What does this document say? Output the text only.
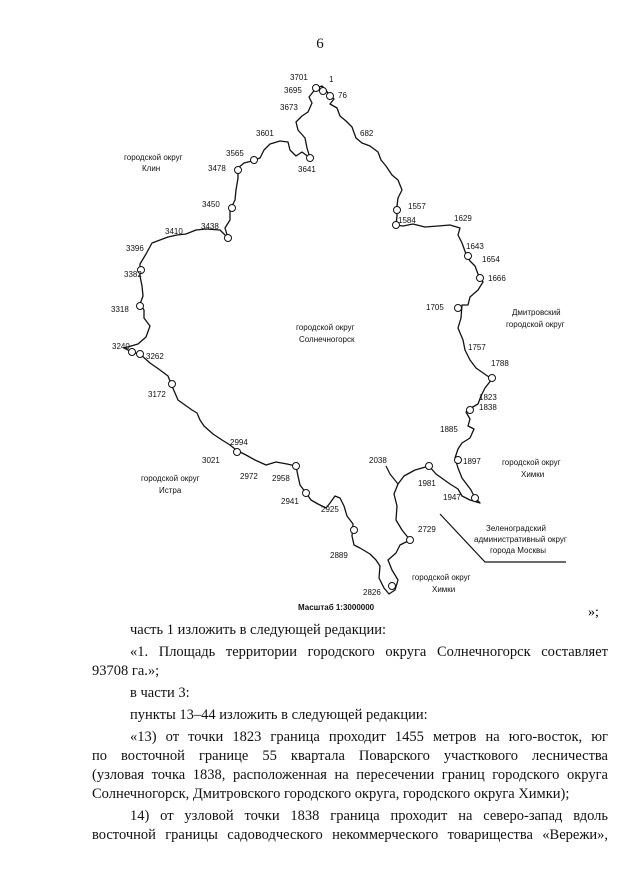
6
3701	1
3695
76
3673
682
3601
3565
3478	3641
1557
3450
1584	1629
3438
3410
1643
1654
3396
1666
3382
3318	1705
3240
3262
1757
1788
3172	1823
1838
1885
2994
1897
3021	2038
2972 2958
1981
1947
2941
2925
2729
2889
2826
городской округ
Клин
городской округ
Солнечногорск
Дмитровский
городской округ
городской округ
Химки
городской округ
Истра
Зеленоградский
административный округ
города Москвы
городской округ
Химки
Масштаб 1:3000000	»;
часть 1 изложить в следующей редакции:
«1. Площадь территории городского округа Солнечногорск составляет
93708 га.»;
в части 3:
пункты 13–44 изложить в следующей редакции:
«13) от точки 1823 граница проходит 1455 метров на юго-восток, юг
по восточной границе 55 квартала Поварского участкового лесничества
(узловая точка 1838, расположенная на пересечении границ городского округа
Солнечногорск, Дмитровского городского округа, городского округа Химки);
14) от узловой точки 1838 граница проходит на северо-запад вдоль
восточной границы садоводческого некоммерческого товарищества «Вережи»,
